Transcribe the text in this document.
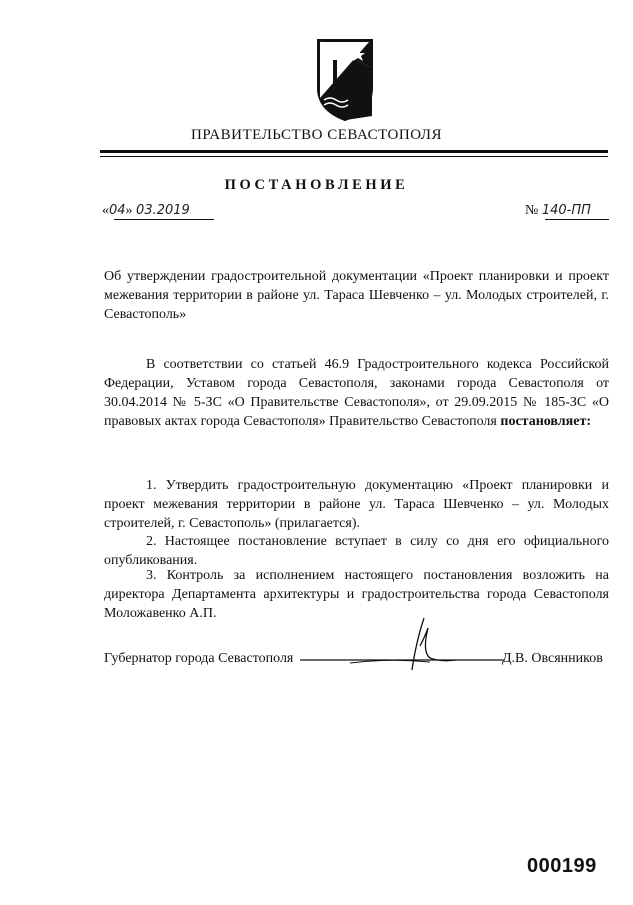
ПРАВИТЕЛЬСТВО СЕВАСТОПОЛЯ
ПОСТАНОВЛЕНИЕ
«04» 03.2019	№ 140-ПП

Об утверждении градостроительной документации «Проект планировки и проект межевания территории в районе ул. Тараса Шевченко – ул. Молодых строителей, г. Севастополь»

В соответствии со статьей 46.9 Градостроительного кодекса Российской Федерации, Уставом города Севастополя, законами города Севастополя от 30.04.2014 № 5-ЗС «О Правительстве Севастополя», от 29.09.2015 № 185-ЗС «О правовых актах города Севастополя» Правительство Севастополя постановляет:

1. Утвердить градостроительную документацию «Проект планировки и проект межевания территории в районе ул. Тараса Шевченко – ул. Молодых строителей, г. Севастополь» (прилагается).

2. Настоящее постановление вступает в силу со дня его официального опубликования.

3. Контроль за исполнением настоящего постановления возложить на директора Департамента архитектуры и градостроительства города Севастополя Моложавенко А.П.

Губернатор города Севастополя	Д.В. Овсянников
000199
